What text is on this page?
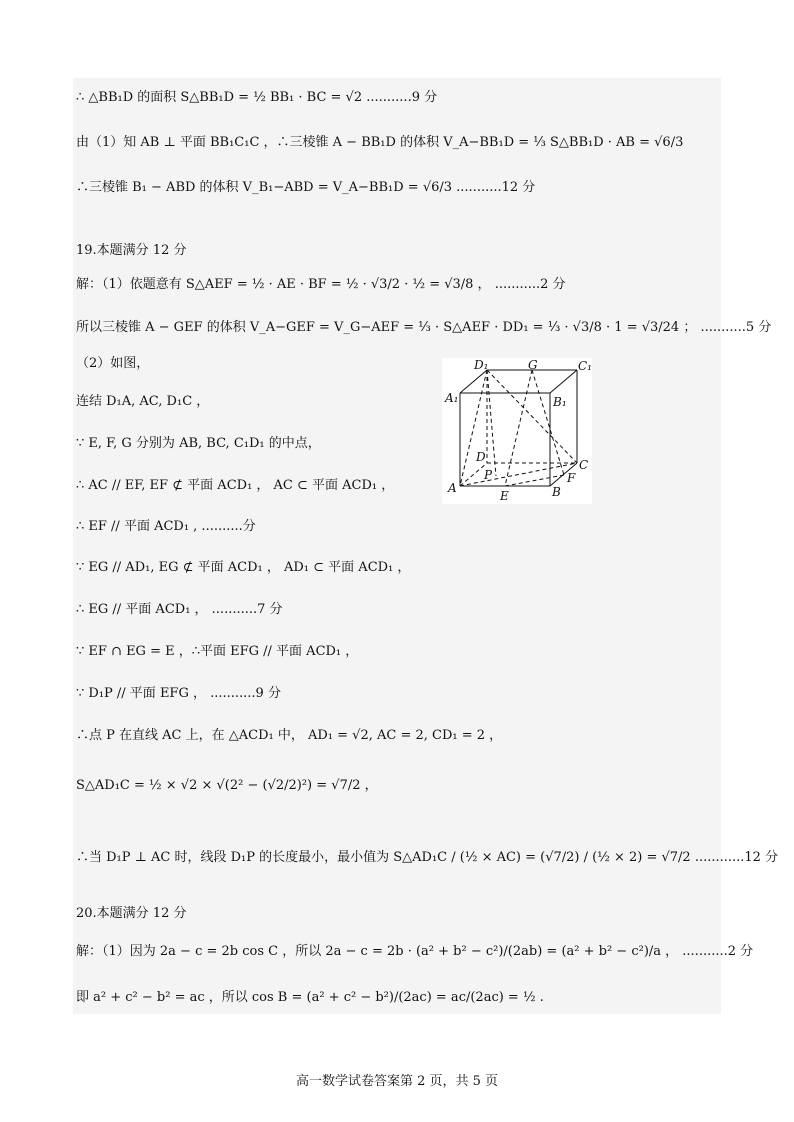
∴ △BB₁D 的面积 S△BB₁D = ½ BB₁ · BC = √2 ...........9 分
由（1）知 AB ⊥ 平面 BB₁C₁C ，∴三棱锥 A − BB₁D 的体积 V_A−BB₁D = ⅓ S△BB₁D · AB = √6/3
∴三棱锥 B₁ − ABD 的体积 V_B₁−ABD = V_A−BB₁D = √6/3 ...........12 分
19.本题满分 12 分
解：（1）依题意有 S△AEF = ½ · AE · BF = ½ · √3/2 · ½ = √3/8 ， ...........2 分
所以三棱锥 A − GEF 的体积 V_A−GEF = V_G−AEF = ⅓ · S△AEF · DD₁ = ⅓ · √3/8 · 1 = √3/24 ； ...........5 分
（2）如图，
连结 D₁A, AC, D₁C ，
∵ E, F, G 分别为 AB, BC, C₁D₁ 的中点，
∴ AC // EF, EF ⊄ 平面 ACD₁ ， AC ⊂ 平面 ACD₁ ，
∴ EF // 平面 ACD₁ , ..........分
∵ EG // AD₁, EG ⊄ 平面 ACD₁ ， AD₁ ⊂ 平面 ACD₁ ，
∴ EG // 平面 ACD₁ ， ...........7 分
∵ EF ∩ EG = E ，∴平面 EFG // 平面 ACD₁ ，
∵ D₁P // 平面 EFG ， ...........9 分
∴点 P 在直线 AC 上，在 △ACD₁ 中， AD₁ = √2, AC = 2, CD₁ = 2 ，
S△AD₁C = ½ × √2 × √(2² − (√2/2)²) = √7/2 ，
∴当 D₁P ⊥ AC 时，线段 D₁P 的长度最小，最小值为 S△AD₁C / (½ × AC) = (√7/2) / (½ × 2) = √7/2 ............12 分
20.本题满分 12 分
解：（1）因为 2a − c = 2b cos C ，所以 2a − c = 2b · (a² + b² − c²)/(2ab) = (a² + b² − c²)/a ， ...........2 分
即 a² + c² − b² = ac ，所以 cos B = (a² + c² − b²)/(2ac) = ac/(2ac) = ½ .
D₁	G	C₁
A₁	B₁
D
C
P	F
A
E	B
高一数学试卷答案第 2 页，共 5 页
